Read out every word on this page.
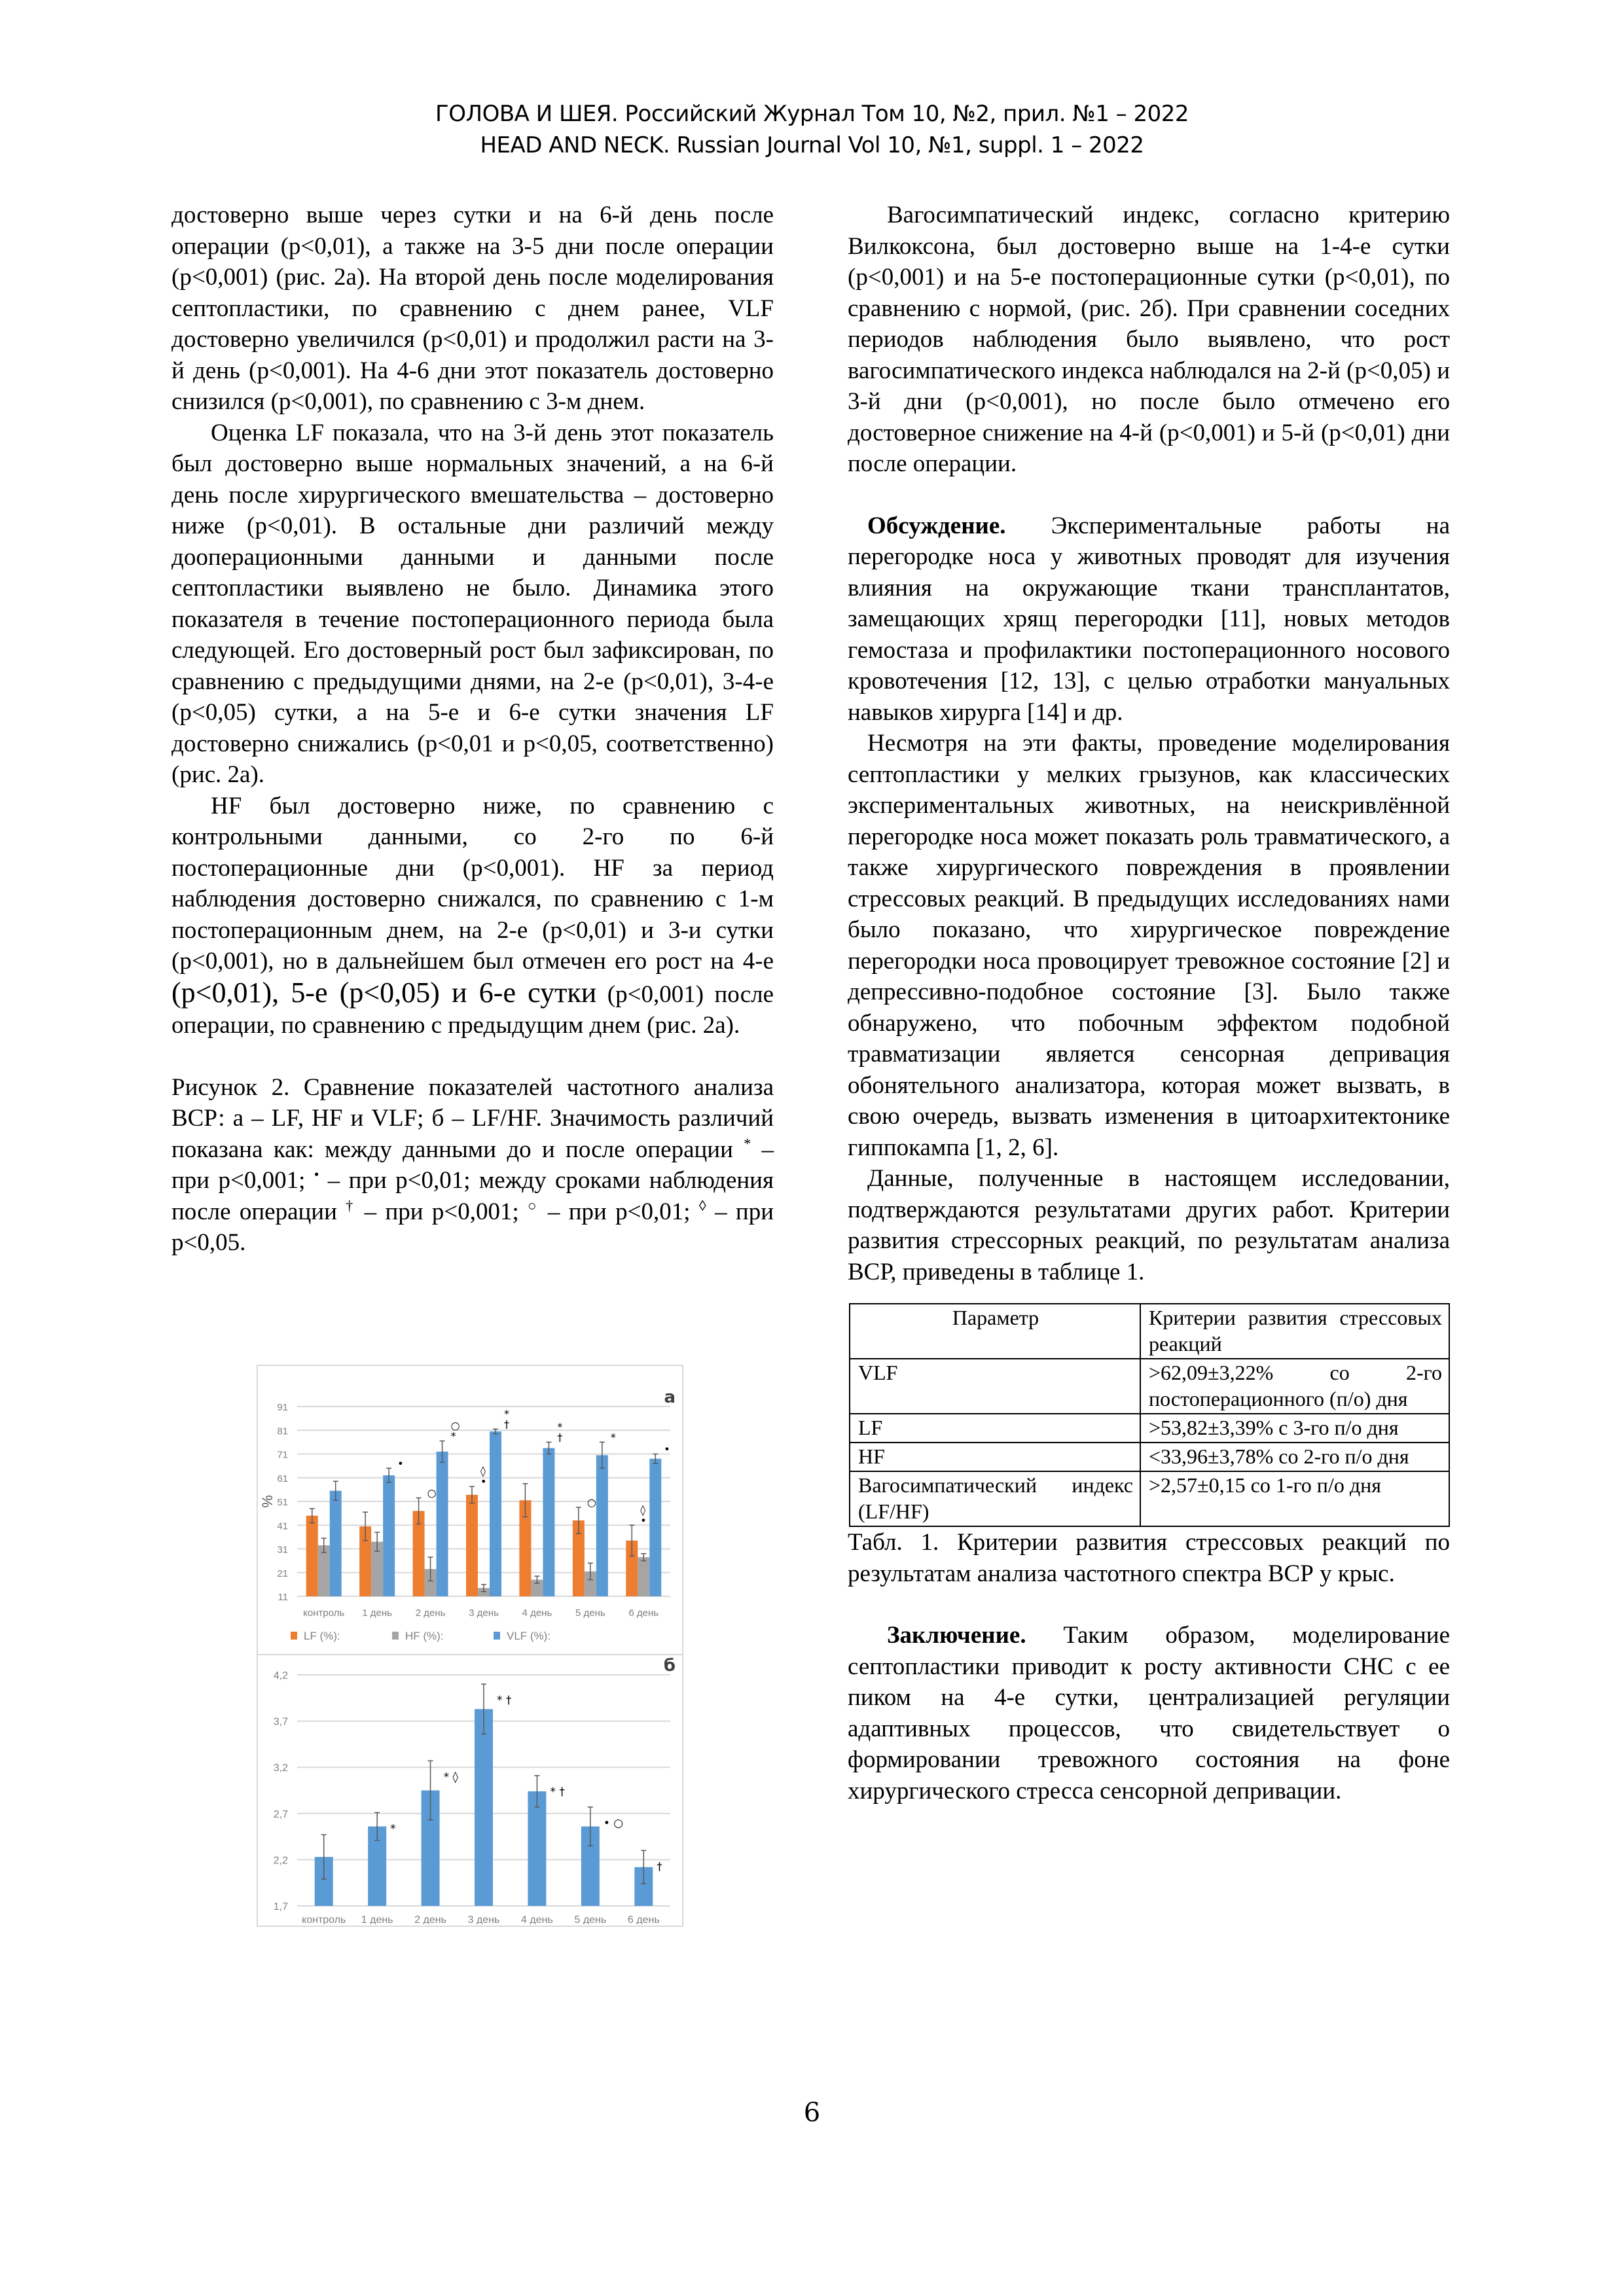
ГОЛОВА И ШЕЯ. Российский Журнал Том 10, №2, прил. №1 – 2022
HEAD AND NECK. Russian Journal Vol 10, №1, suppl. 1 – 2022

достоверно выше через сутки и на 6-й день после операции (p<0,01), а также на 3-5 дни после операции (p<0,001) (рис. 2а). На второй день после моделирования септопластики, по сравнению с днем ранее, VLF достоверно увеличился (p<0,01) и продолжил расти на 3-й день (p<0,001). На 4-6 дни этот показатель достоверно снизился (p<0,001), по сравнению с 3-м днем.

Оценка LF показала, что на 3-й день этот показатель был достоверно выше нормальных значений, а на 6-й день после хирургического вмешательства – достоверно ниже (p<0,01). В остальные дни различий между дооперационными данными и данными после септопластики выявлено не было. Динамика этого показателя в течение постоперационного периода была следующей. Его достоверный рост был зафиксирован, по сравнению с предыдущими днями, на 2-е (p<0,01), 3-4-е (p<0,05) сутки, а на 5-е и 6-е сутки значения LF достоверно снижались (p<0,01 и p<0,05, соответственно) (рис. 2а).

HF был достоверно ниже, по сравнению с контрольными данными, со 2-го по 6-й постоперационные дни (p<0,001). HF за период наблюдения достоверно снижался, по сравнению с 1-м постоперационным днем, на 2-е (p<0,01) и 3-и сутки (p<0,001), но в дальнейшем был отмечен его рост на 4-е (p<0,01), 5-е (p<0,05) и 6-е сутки (p<0,001) после операции, по сравнению с предыдущим днем (рис. 2а).

Рисунок 2. Сравнение показателей частотного анализа ВСР: а – LF, HF и VLF; б – LF/HF. Значимость различий показана как: между данными до и после операции * – при p<0,001; • – при p<0,01; между сроками наблюдения после операции † – при p<0,001; ○ – при p<0,01; ◊ – при p<0,05.

11
21
31
41
51
61
71
81
91
%
а
контроль
•
1 день
○
○
*
2 день
◊
•
*
†
3 день
*
†
4 день
○
*
5 день
◊
•
•
6 день
LF (%):	HF (%):	VLF (%):
1,7
2,2
2,7
3,2
3,7
4,2
б
контроль
*
1 день
* ◊
2 день
* †
3 день
* †
4 день
• ○
5 день
†
6 день

Вагосимпатический индекс, согласно критерию Вилкоксона, был достоверно выше на 1-4-е сутки (p<0,001) и на 5-е постоперационные сутки (p<0,01), по сравнению с нормой, (рис. 2б). При сравнении соседних периодов наблюдения было выявлено, что рост вагосимпатического индекса наблюдался на 2-й (p<0,05) и 3-й дни (p<0,001), но после было отмечено его достоверное снижение на 4-й (p<0,001) и 5-й (p<0,01) дни после операции.

Обсуждение. Экспериментальные работы на перегородке носа у животных проводят для изучения влияния на окружающие ткани трансплантатов, замещающих хрящ перегородки [11], новых методов гемостаза и профилактики постоперационного носового кровотечения [12, 13], с целью отработки мануальных навыков хирурга [14] и др.

Несмотря на эти факты, проведение моделирования септопластики у мелких грызунов, как классических экспериментальных животных, на неискривлённой перегородке носа может показать роль травматического, а также хирургического повреждения в проявлении стрессовых реакций. В предыдущих исследованиях нами было показано, что хирургическое повреждение перегородки носа провоцирует тревожное состояние [2] и депрессивно-подобное состояние [3]. Было также обнаружено, что побочным эффектом подобной травматизации является сенсорная депривация обонятельного анализатора, которая может вызвать, в свою очередь, вызвать изменения в цитоархитектонике гиппокампа [1, 2, 6].

Данные, полученные в настоящем исследовании, подтверждаются результатами других работ. Критерии развития стрессорных реакций, по результатам анализа ВСР, приведены в таблице 1.

Параметр	Критерии развития стрессовых реакций
VLF	>62,09±3,22% со 2-го постоперационного (п/о) дня
LF	>53,82±3,39% с 3-го п/о дня
HF	<33,96±3,78% со 2-го п/о дня
Вагосимпатический индекс (LF/HF)	>2,57±0,15 со 1-го п/о дня

Табл. 1. Критерии развития стрессовых реакций по результатам анализа частотного спектра ВСР у крыс.

Заключение. Таким образом, моделирование септопластики приводит к росту активности СНС с ее пиком на 4-е сутки, централизацией регуляции адаптивных процессов, что свидетельствует о формировании тревожного состояния на фоне хирургического стресса сенсорной депривации.

6
